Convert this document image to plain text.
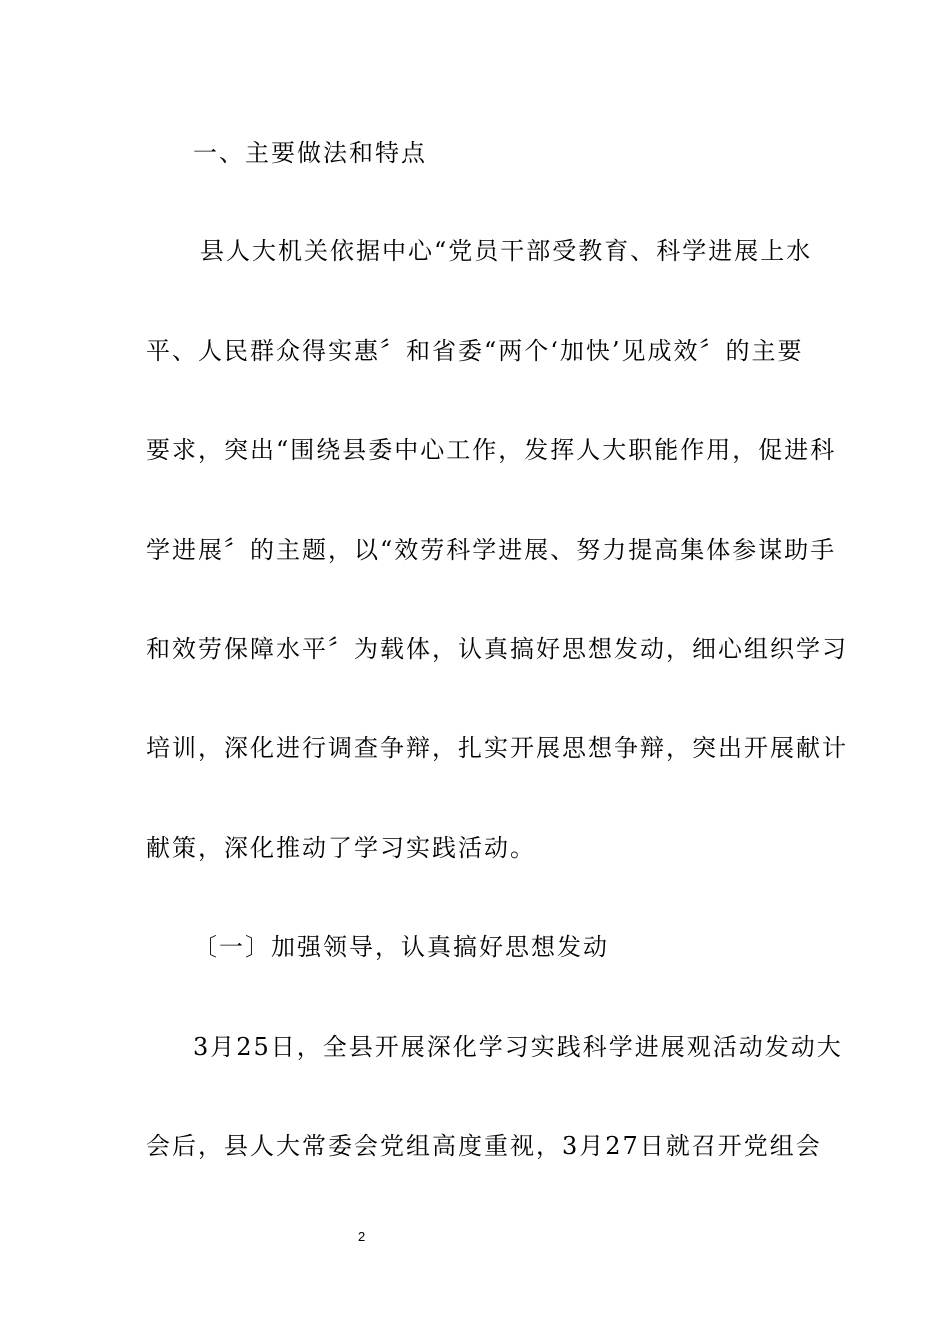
一、主要做法和特点
县人大机关依据中心“党员干部受教育、科学进展上水
平、人民群众得实惠〞和省委“两个‘加快’见成效〞的主要
要求，突出“围绕县委中心工作，发挥人大职能作用，促进科
学进展〞的主题，以“效劳科学进展、努力提高集体参谋助手
和效劳保障水平〞为载体，认真搞好思想发动，细心组织学习
培训，深化进行调查争辩，扎实开展思想争辩，突出开展献计
献策，深化推动了学习实践活动。
〔一〕加强领导，认真搞好思想发动
3月25日，全县开展深化学习实践科学进展观活动发动大
会后，县人大常委会党组高度重视，3月27日就召开党组会
2
